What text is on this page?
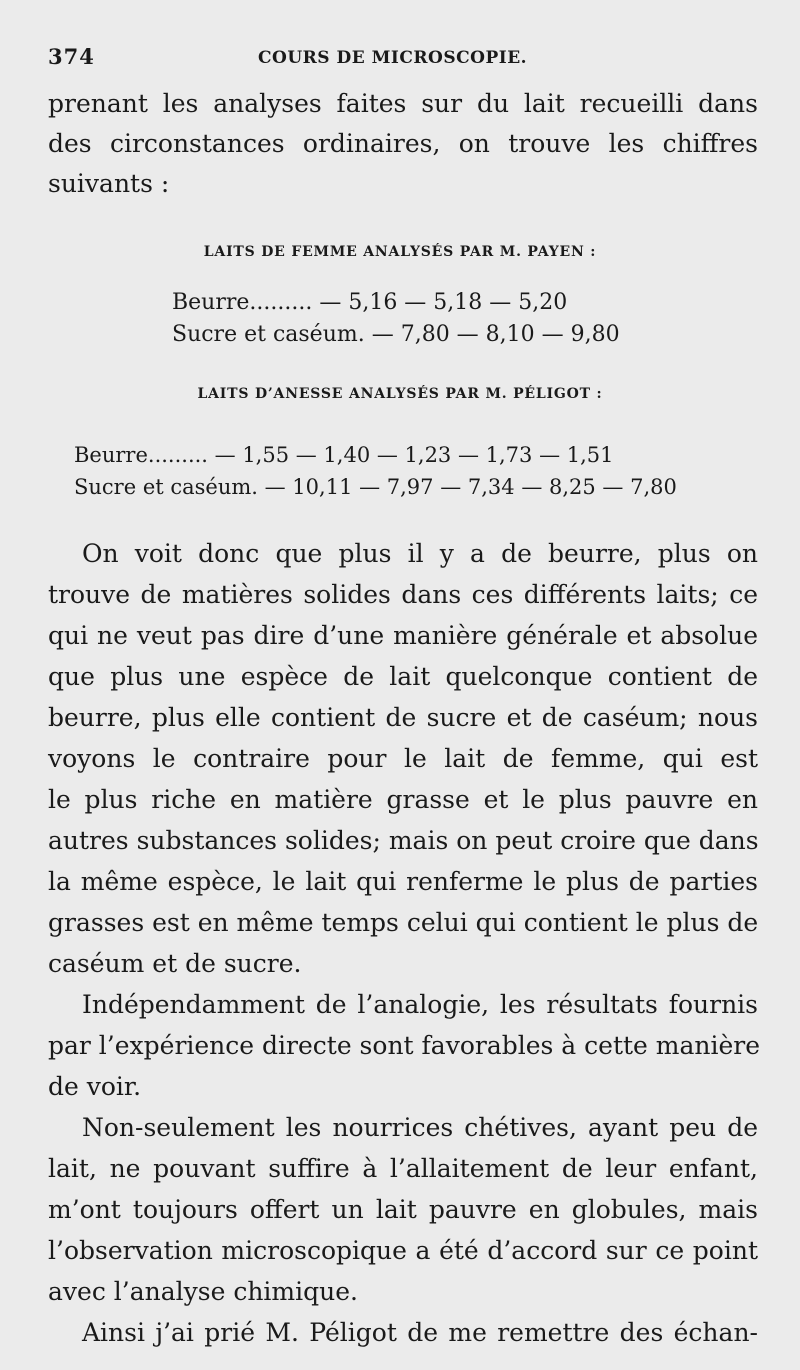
374	COURS DE MICROSCOPIE.
prenant les analyses faites sur du lait recueilli dans
des circonstances ordinaires, on trouve les chiffres
suivants :
LAITS DE FEMME ANALYSÉS PAR M. PAYEN :
Beurre......... — 5,16 — 5,18 — 5,20
Sucre et caséum. — 7,80 — 8,10 — 9,80
LAITS D’ANESSE ANALYSÉS PAR M. PÉLIGOT :
Beurre......... — 1,55 — 1,40 — 1,23 — 1,73 — 1,51
Sucre et caséum. — 10,11 — 7,97 — 7,34 — 8,25 — 7,80
On voit donc que plus il y a de beurre, plus on
trouve de matières solides dans ces différents laits; ce
qui ne veut pas dire d’une manière générale et absolue
que plus une espèce de lait quelconque contient de
beurre, plus elle contient de sucre et de caséum; nous
voyons le contraire pour le lait de femme, qui est
le plus riche en matière grasse et le plus pauvre en
autres substances solides; mais on peut croire que dans
la même espèce, le lait qui renferme le plus de parties
grasses est en même temps celui qui contient le plus de
caséum et de sucre.
Indépendamment de l’analogie, les résultats fournis
par l’expérience directe sont favorables à cette manière
de voir.
Non-seulement les nourrices chétives, ayant peu de
lait, ne pouvant suffire à l’allaitement de leur enfant,
m’ont toujours offert un lait pauvre en globules, mais
l’observation microscopique a été d’accord sur ce point
avec l’analyse chimique.
Ainsi j’ai prié M. Péligot de me remettre des échan-
